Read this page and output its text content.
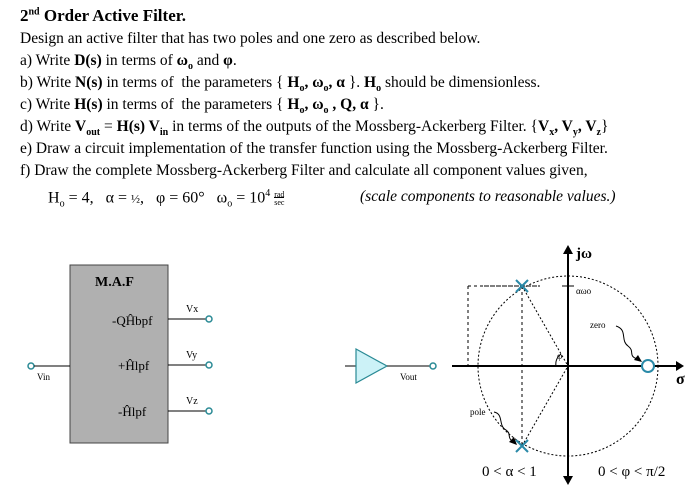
2nd Order Active Filter.
Design an active filter that has two poles and one zero as described below.
a) Write D(s) in terms of $\omega_o$ and φ.
b) Write N(s) in terms of  the parameters { $H_o$, $\omega_o$, α }. $H_o$ should be dimensionless.
c) Write H(s) in terms of  the parameters { $H_o$, $\omega_o$ , Q, α }.
d) Write $V_{out} = H(s)$ $V_{in}$ in terms of the outputs of the Mossberg-Ackerberg Filter. {$V_x$, $V_y$, $V_z$}
e) Draw a circuit implementation of the transfer function using the Mossberg-Ackerberg Filter.
f) Draw the complete Mossberg-Ackerberg Filter and calculate all component values given,
$H_o = 4$,   α = ½,   φ = 60°   $\omega_o = 10^4$ rad
sec	(scale components to reasonable values.)
M.A.F
-QĤbpf
+Ĥlpf
-Ĥlpf
Vx
Vy
Vz
Vin	Vout
jω
σ
αωo
φ
zero
pole
0 < α < 1	0 < φ < π/2
